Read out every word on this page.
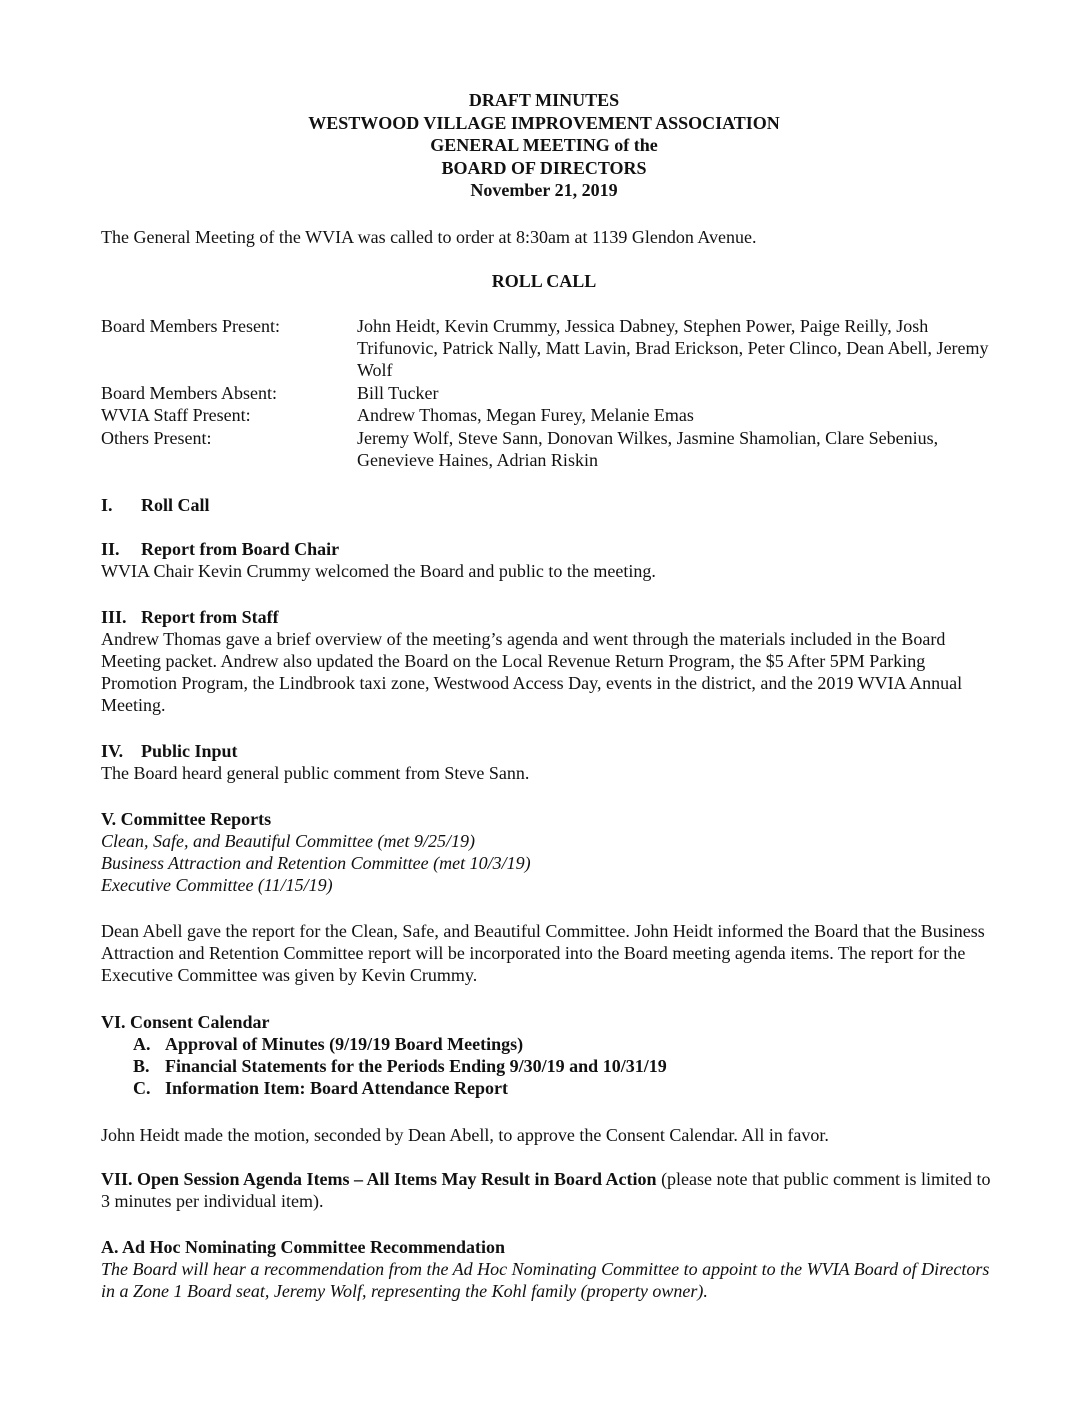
DRAFT MINUTES
WESTWOOD VILLAGE IMPROVEMENT ASSOCIATION
GENERAL MEETING of the
BOARD OF DIRECTORS
November 21, 2019
The General Meeting of the WVIA was called to order at 8:30am at 1139 Glendon Avenue.
ROLL CALL
Board Members Present:	John Heidt, Kevin Crummy, Jessica Dabney, Stephen Power, Paige Reilly, Josh Trifunovic, Patrick Nally, Matt Lavin, Brad Erickson, Peter Clinco, Dean Abell, Jeremy Wolf
Board Members Absent:	Bill Tucker
WVIA Staff Present:	Andrew Thomas, Megan Furey, Melanie Emas
Others Present:	Jeremy Wolf, Steve Sann, Donovan Wilkes, Jasmine Shamolian, Clare Sebenius, Genevieve Haines, Adrian Riskin
I. Roll Call
II. Report from Board Chair

WVIA Chair Kevin Crummy welcomed the Board and public to the meeting.

III. Report from Staff

Andrew Thomas gave a brief overview of the meeting’s agenda and went through the materials included in the Board Meeting packet. Andrew also updated the Board on the Local Revenue Return Program, the $5 After 5PM Parking Promotion Program, the Lindbrook taxi zone, Westwood Access Day, events in the district, and the 2019 WVIA Annual Meeting.

IV. Public Input

The Board heard general public comment from Steve Sann.

V. Committee Reports
Clean, Safe, and Beautiful Committee (met 9/25/19)
Business Attraction and Retention Committee (met 10/3/19)
Executive Committee (11/15/19)
Dean Abell gave the report for the Clean, Safe, and Beautiful Committee. John Heidt informed the Board that the Business Attraction and Retention Committee report will be incorporated into the Board meeting agenda items. The report for the Executive Committee was given by Kevin Crummy.
VI. Consent Calendar
A. Approval of Minutes (9/19/19 Board Meetings)
B. Financial Statements for the Periods Ending 9/30/19 and 10/31/19
C. Information Item: Board Attendance Report
John Heidt made the motion, seconded by Dean Abell, to approve the Consent Calendar. All in favor.
VII. Open Session Agenda Items – All Items May Result in Board Action (please note that public comment is limited to 3 minutes per individual item).
A. Ad Hoc Nominating Committee Recommendation
The Board will hear a recommendation from the Ad Hoc Nominating Committee to appoint to the WVIA Board of Directors in a Zone 1 Board seat, Jeremy Wolf, representing the Kohl family (property owner).
